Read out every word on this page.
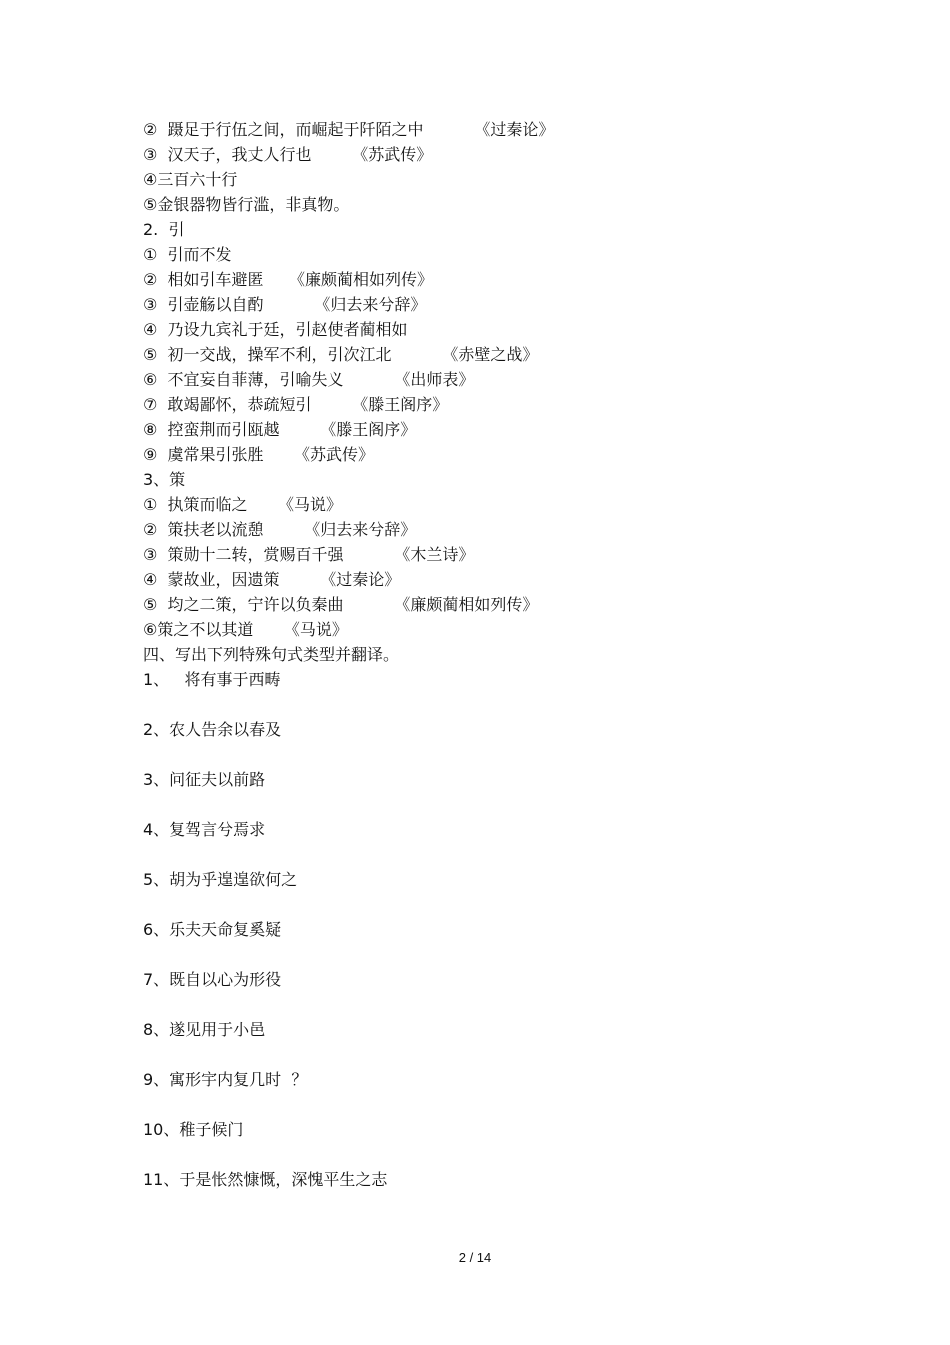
②  蹑足于行伍之间，而崛起于阡陌之中          《过秦论》
③  汉天子，我丈人行也        《苏武传》
④三百六十行
⑤金银器物皆行滥，非真物。
2.  引
①  引而不发
②  相如引车避匿     《廉颇蔺相如列传》
③  引壶觞以自酌          《归去来兮辞》
④  乃设九宾礼于廷，引赵使者蔺相如
⑤  初一交战，操军不利，引次江北          《赤壁之战》
⑥  不宜妄自菲薄，引喻失义          《出师表》
⑦  敢竭鄙怀，恭疏短引        《滕王阁序》
⑧  控蛮荆而引瓯越        《滕王阁序》
⑨  虞常果引张胜      《苏武传》
3、策
①  执策而临之      《马说》
②  策扶老以流憩        《归去来兮辞》
③  策勋十二转，赏赐百千强          《木兰诗》
④  蒙故业，因遗策        《过秦论》
⑤  均之二策，宁许以负秦曲          《廉颇蔺相如列传》
⑥策之不以其道      《马说》
四、写出下列特殊句式类型并翻译。
1、   将有事于西畴
2、农人告余以春及
3、问征夫以前路
4、复驾言兮焉求
5、胡为乎遑遑欲何之
6、乐夫天命复奚疑
7、既自以心为形役
8、遂见用于小邑
9、寓形宇内复几时  ？
10、稚子候门
11、于是怅然慷慨，深愧平生之志
2 / 14
